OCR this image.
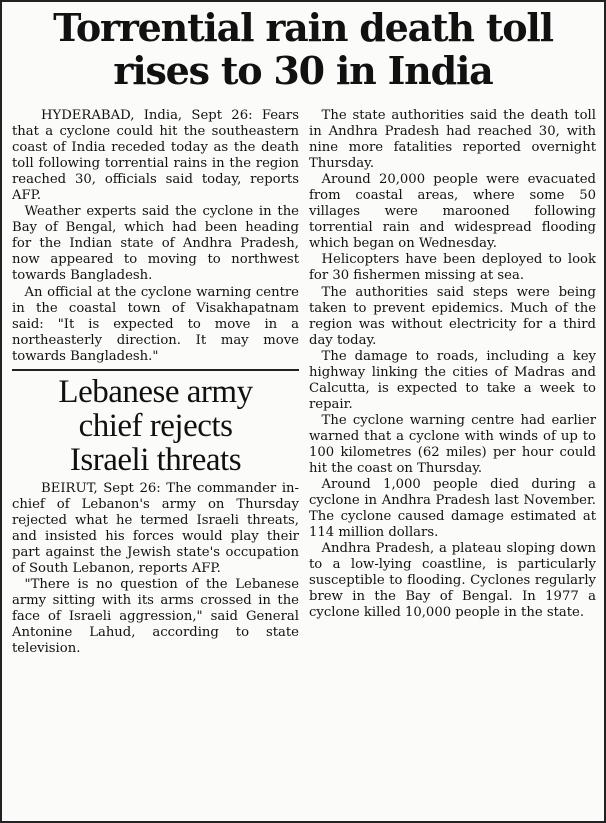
Torrential rain death toll rises to 30 in India

HYDERABAD, India, Sept 26: Fears that a cyclone could hit the southeastern coast of India receded today as the death toll following torrential rains in the region reached 30, officials said today, reports AFP.

Weather experts said the cyclone in the Bay of Bengal, which had been heading for the Indian state of Andhra Pradesh, now appeared to moving to northwest towards Bangladesh.

An official at the cyclone warning centre in the coastal town of Visakhapatnam said: "It is expected to move in a northeasterly direction. It may move towards Bangladesh."

Lebanese army
chief rejects
Israeli threats

BEIRUT, Sept 26: The commander in-chief of Lebanon's army on Thursday rejected what he termed Israeli threats, and insisted his forces would play their part against the Jewish state's occupation of South Lebanon, reports AFP.

"There is no question of the Lebanese army sitting with its arms crossed in the face of Israeli aggression," said General Antonine Lahud, according to state television.

The state authorities said the death toll in Andhra Pradesh had reached 30, with nine more fatalities reported overnight Thursday.

Around 20,000 people were evacuated from coastal areas, where some 50 villages were marooned following torrential rain and widespread flooding which began on Wednesday.

Helicopters have been deployed to look for 30 fishermen missing at sea.

The authorities said steps were being taken to prevent epidemics. Much of the region was without electricity for a third day today.

The damage to roads, including a key highway linking the cities of Madras and Calcutta, is expected to take a week to repair.

The cyclone warning centre had earlier warned that a cyclone with winds of up to 100 kilometres (62 miles) per hour could hit the coast on Thursday.

Around 1,000 people died during a cyclone in Andhra Pradesh last November. The cyclone caused damage estimated at 114 million dollars.

Andhra Pradesh, a plateau sloping down to a low-lying coastline, is particularly susceptible to flooding. Cyclones regularly brew in the Bay of Bengal. In 1977 a cyclone killed 10,000 people in the state.
